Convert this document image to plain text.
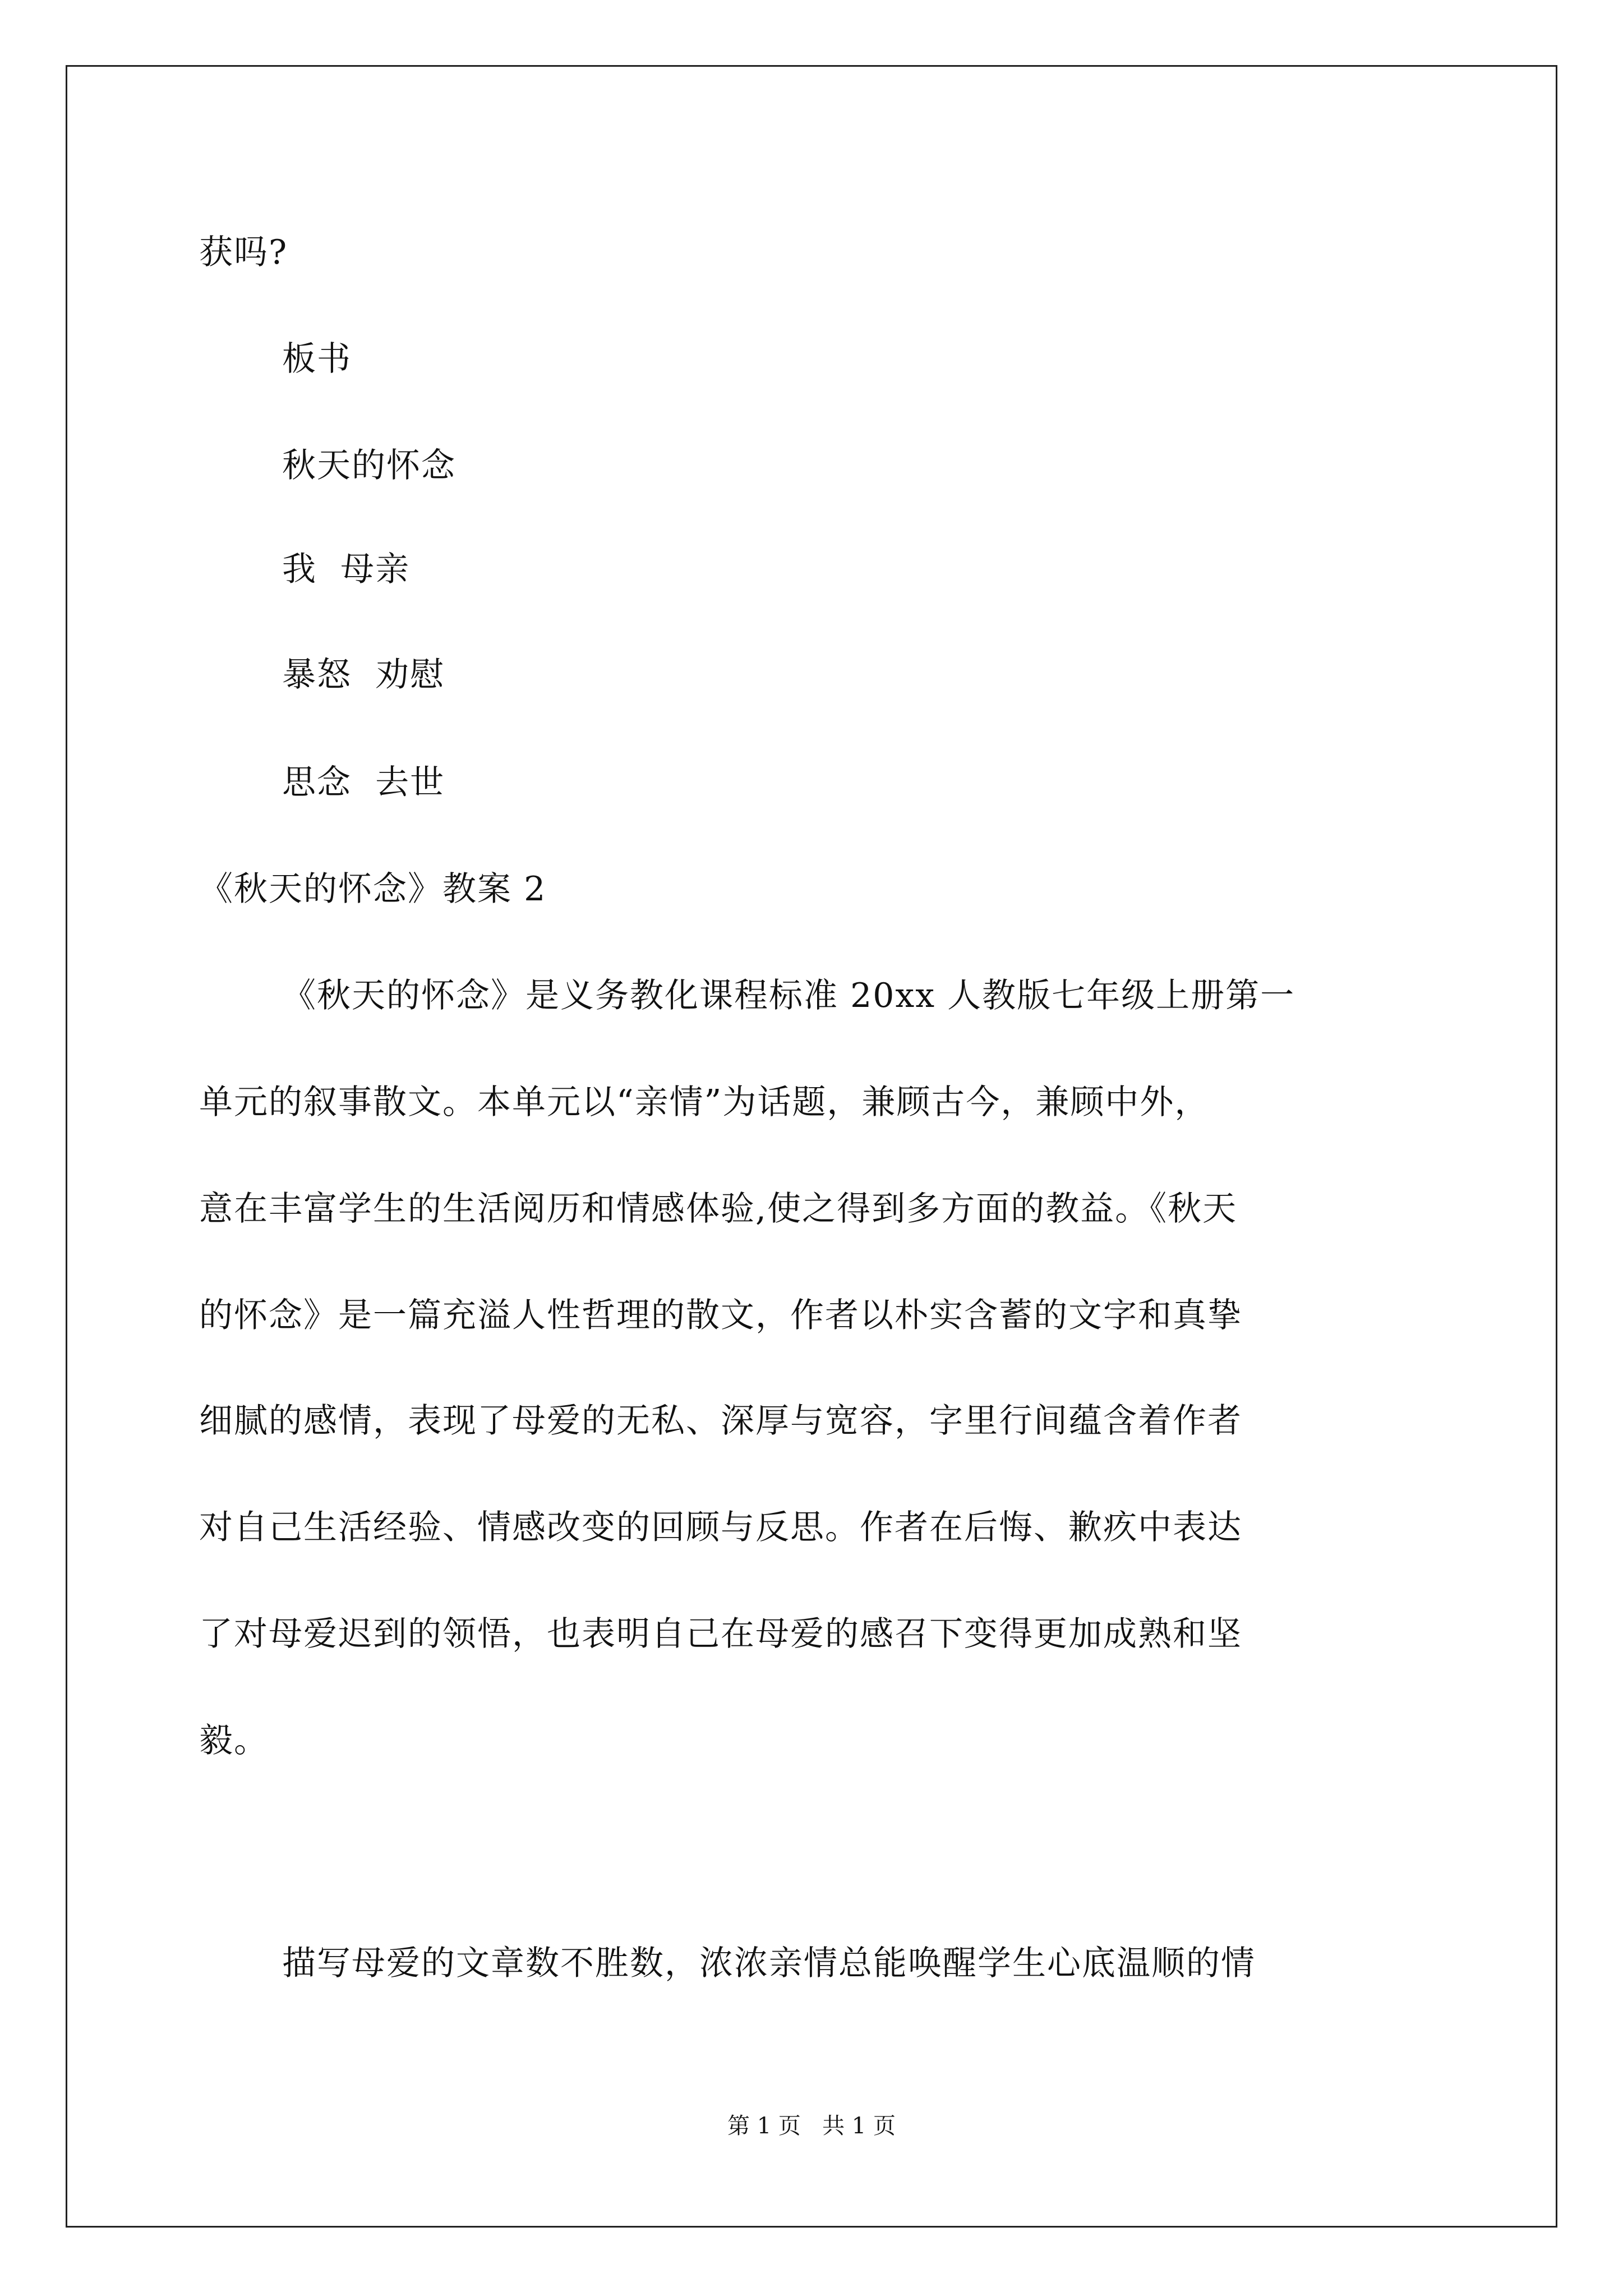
获吗?
板书
秋天的怀念
我  母亲
暴怒  劝慰
思念  去世
《秋天的怀念》教案 2
《秋天的怀念》是义务教化课程标准 20xx 人教版七年级上册第一
单元的叙事散文。本单元以“亲情”为话题，兼顾古今，兼顾中外，
意在丰富学生的生活阅历和情感体验,使之得到多方面的教益。《秋天
的怀念》是一篇充溢人性哲理的散文，作者以朴实含蓄的文字和真挚
细腻的感情，表现了母爱的无私、深厚与宽容，字里行间蕴含着作者
对自己生活经验、情感改变的回顾与反思。作者在后悔、歉疚中表达
了对母爱迟到的领悟，也表明自己在母爱的感召下变得更加成熟和坚
毅。
描写母爱的文章数不胜数，浓浓亲情总能唤醒学生心底温顺的情
第 1 页   共 1 页
